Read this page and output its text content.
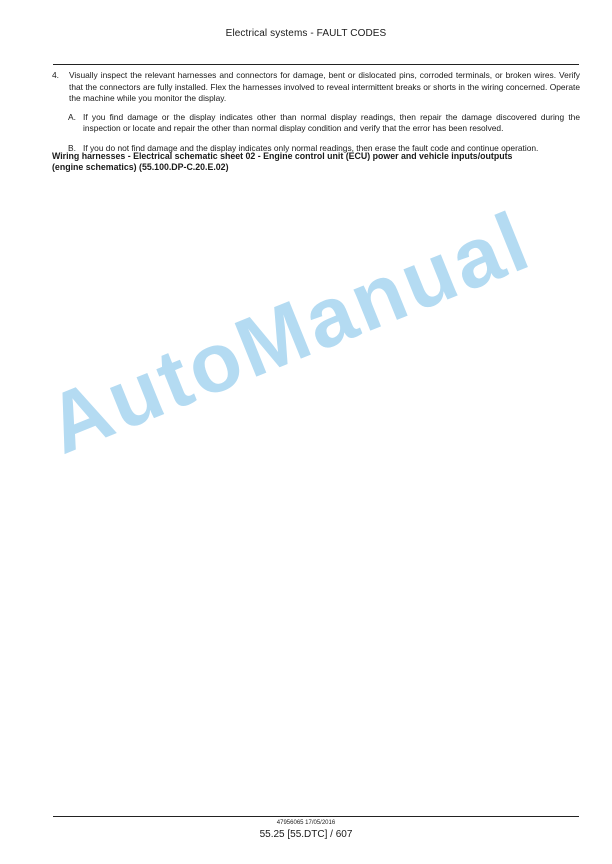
Electrical systems - FAULT CODES
4.	Visually inspect the relevant harnesses and connectors for damage, bent or dislocated pins, corroded terminals, or broken wires. Verify that the connectors are fully installed. Flex the harnesses involved to reveal intermittent breaks or shorts in the wiring concerned. Operate the machine while you monitor the display.
A. If you find damage or the display indicates other than normal display readings, then repair the damage discovered during the inspection or locate and repair the other than normal display condition and verify that the error has been resolved.
B. If you do not find damage and the display indicates only normal readings, then erase the fault code and continue operation.
Wiring harnesses - Electrical schematic sheet 02 - Engine control unit (ECU) power and vehicle inputs/outputs (engine schematics) (55.100.DP-C.20.E.02)
AutoManual
47956065 17/05/2016
55.25 [55.DTC] / 607
